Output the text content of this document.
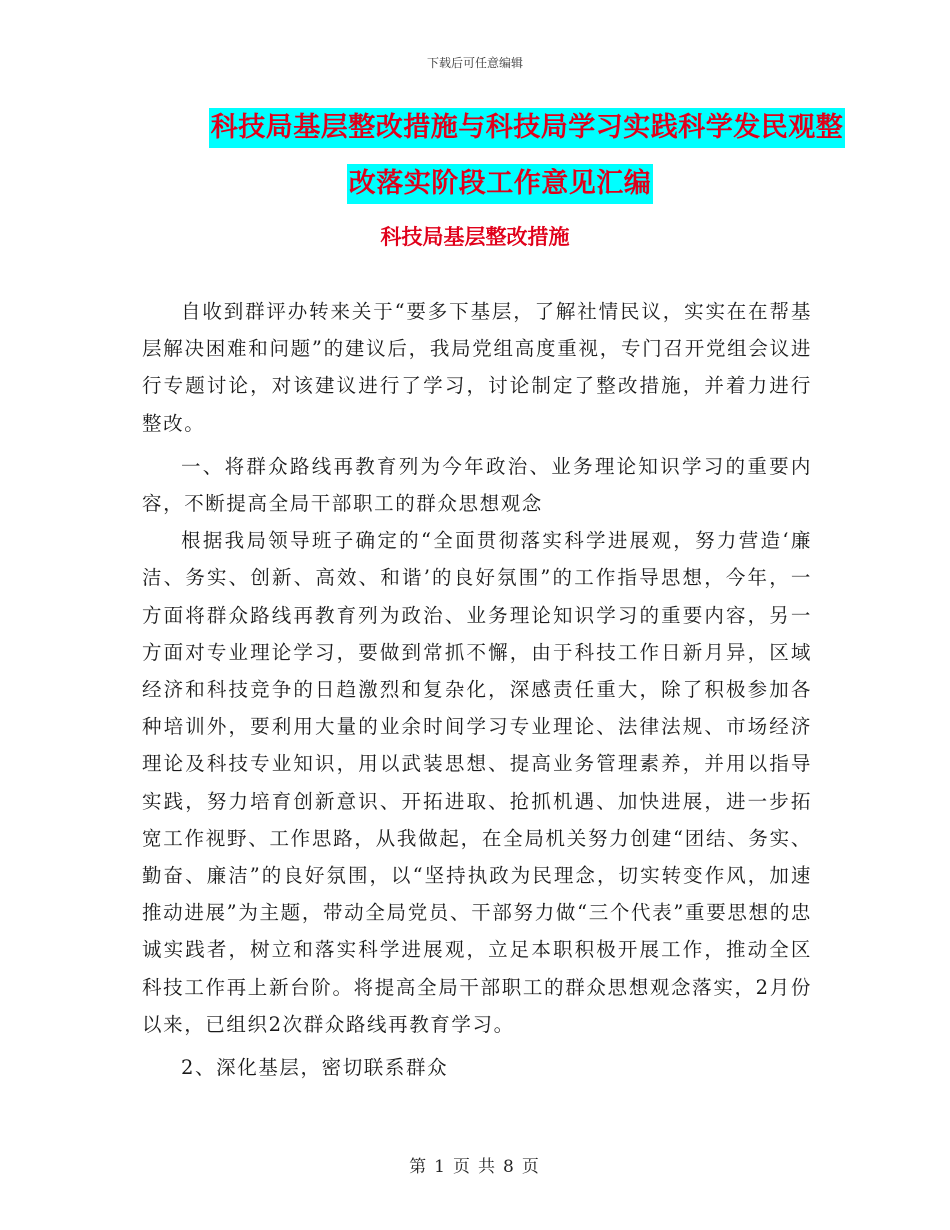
下载后可任意编辑
科技局基层整改措施与科技局学习实践科学发民观整
改落实阶段工作意见汇编
科技局基层整改措施

自收到群评办转来关于“要多下基层，了解社情民议，实实在在帮基层解决困难和问题”的建议后，我局党组高度重视，专门召开党组会议进行专题讨论，对该建议进行了学习，讨论制定了整改措施，并着力进行整改。

一、将群众路线再教育列为今年政治、业务理论知识学习的重要内容，不断提高全局干部职工的群众思想观念

根据我局领导班子确定的“全面贯彻落实科学进展观，努力营造‘廉洁、务实、创新、高效、和谐’的良好氛围”的工作指导思想，今年，一方面将群众路线再教育列为政治、业务理论知识学习的重要内容，另一方面对专业理论学习，要做到常抓不懈，由于科技工作日新月异，区域经济和科技竞争的日趋激烈和复杂化，深感责任重大，除了积极参加各种培训外，要利用大量的业余时间学习专业理论、法律法规、市场经济理论及科技专业知识，用以武装思想、提高业务管理素养，并用以指导实践，努力培育创新意识、开拓进取、抢抓机遇、加快进展，进一步拓宽工作视野、工作思路，从我做起，在全局机关努力创建“团结、务实、勤奋、廉洁”的良好氛围，以“坚持执政为民理念，切实转变作风，加速推动进展”为主题，带动全局党员、干部努力做“三个代表”重要思想的忠诚实践者，树立和落实科学进展观，立足本职积极开展工作，推动全区科技工作再上新台阶。将提高全局干部职工的群众思想观念落实，2月份以来，已组织2次群众路线再教育学习。

2、深化基层，密切联系群众

第 1 页 共 8 页
